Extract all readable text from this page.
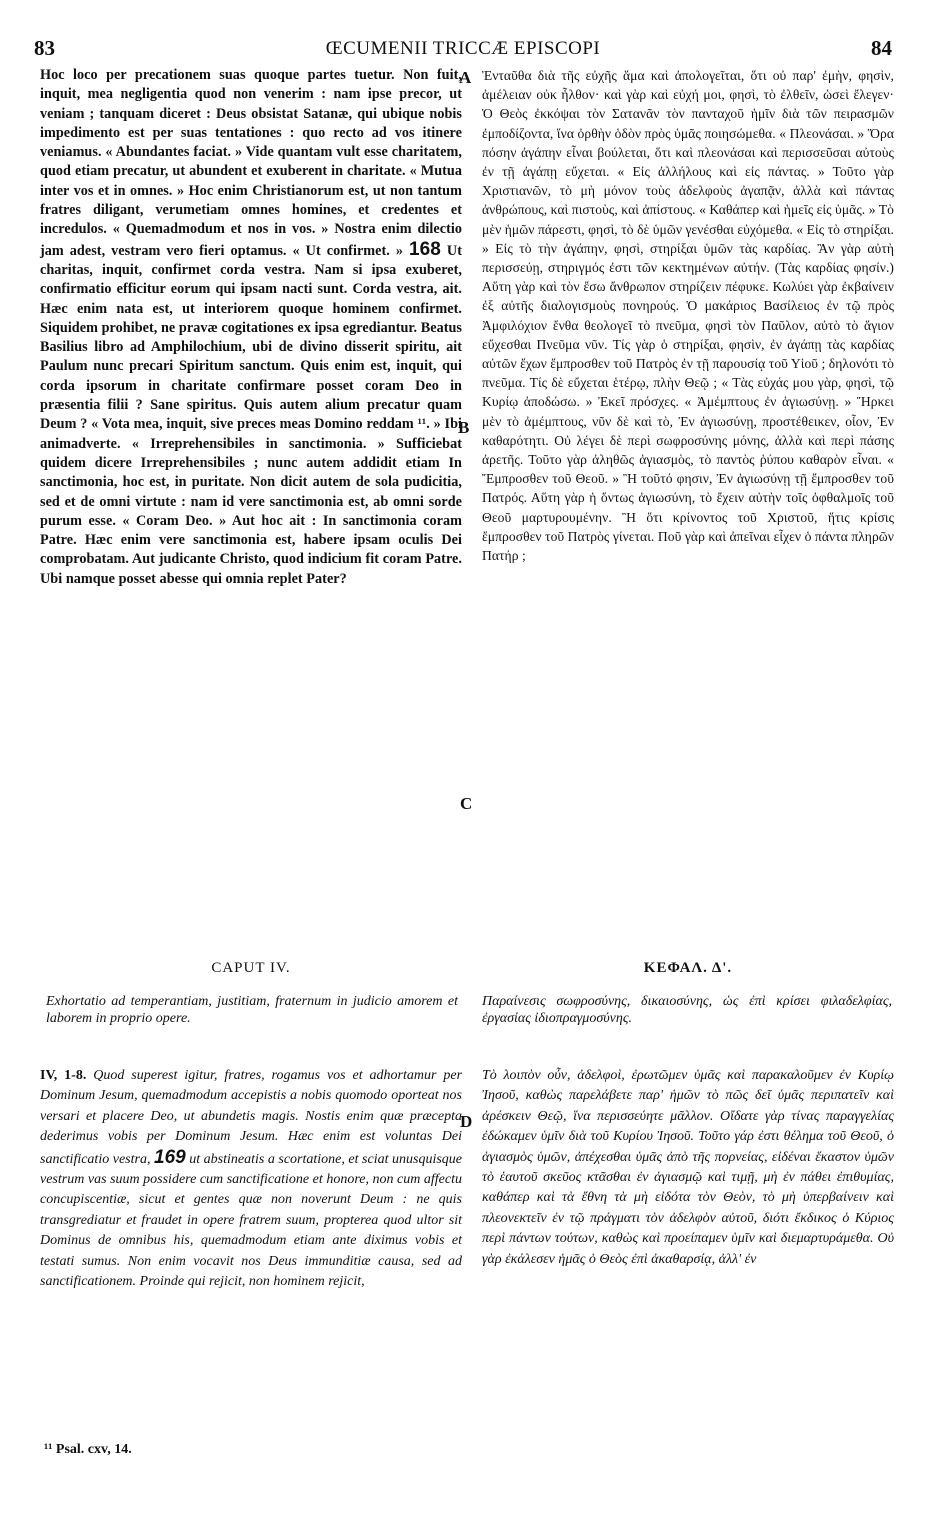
83	ŒCUMENII TRICCÆ EPISCOPI	84
Hoc loco per precationem suas quoque partes tuetur. Non fuit, inquit, mea negligentia quod non venerim : nam ipse precor, ut veniam ; tanquam diceret : Deus obsistat Satanæ, qui ubique nobis impedimento est per suas tentationes : quo recto ad vos itinere veniamus. « Abundantes faciat. » Vide quantam vult esse charitatem, quod etiam precatur, ut abundent et exuberent in charitate. « Mutua inter vos et in omnes. » Hoc enim Christianorum est, ut non tantum fratres diligant, verumetiam omnes homines, et credentes et incredulos. « Quemadmodum et nos in vos. » Nostra enim dilectio jam adest, vestram vero fieri optamus. « Ut confirmet. » 168 Ut charitas, inquit, confirmet corda vestra. Nam si ipsa exuberet, confirmatio efficitur eorum qui ipsam nacti sunt. Corda vestra, ait. Hæc enim nata est, ut interiorem quoque hominem confirmet. Siquidem prohibet, ne pravæ cogitationes ex ipsa egrediantur. Beatus Basilius libro ad Amphilochium, ubi de divino disserit spiritu, ait Paulum nunc precari Spiritum sanctum. Quis enim est, inquit, qui corda ipsorum in charitate confirmare posset coram Deo in præsentia filii ? Sane spiritus. Quis autem alium precatur quam Deum ? « Vota mea, inquit, sive preces meas Domino reddam ¹¹. » Ibi animadverte. « Irreprehensibiles in sanctimonia. » Sufficiebat quidem dicere Irreprehensibiles ; nunc autem addidit etiam In sanctimonia, hoc est, in puritate. Non dicit autem de sola pudicitia, sed et de omni virtute : nam id vere sanctimonia est, ab omni sorde purum esse. « Coram Deo. » Aut hoc ait : In sanctimonia coram Patre. Hæc enim vere sanctimonia est, habere ipsam oculis Dei comprobatam. Aut judicante Christo, quod indicium fit coram Patre. Ubi namque posset abesse qui omnia replet Pater?
A
B
C
D
Ἐνταῦθα διὰ τῆς εὐχῆς ἅμα καὶ ἀπολογεῖται, ὅτι οὐ παρ' ἐμὴν, φησὶν, ἀμέλειαν οὐκ ἦλθον· καὶ γὰρ καὶ εὐχή μοι, φησὶ, τὸ ἐλθεῖν, ὡσεὶ ἔλεγεν· Ὁ Θεὸς ἐκκόψαι τὸν Σατανᾶν τὸν πανταχοῦ ἡμῖν διὰ τῶν πειρασμῶν ἐμποδίζοντα, ἵνα ὀρθὴν ὁδὸν πρὸς ὑμᾶς ποιησώμεθα. « Πλεονάσαι. » Ὅρα πόσην ἀγάπην εἶναι βούλεται, ὅτι καὶ πλεονάσαι καὶ περισσεῦσαι αὐτοὺς ἐν τῇ ἀγάπῃ εὔχεται. « Εἰς ἀλλήλους καὶ εἰς πάντας. » Τοῦτο γὰρ Χριστιανῶν, τὸ μὴ μόνον τοὺς ἀδελφοὺς ἀγαπᾷν, ἀλλὰ καὶ πάντας ἀνθρώπους, καὶ πιστοὺς, καὶ ἀπίστους. « Καθάπερ καὶ ἡμεῖς εἰς ὑμᾶς. » Τὸ μὲν ἡμῶν πάρεστι, φησὶ, τὸ δὲ ὑμῶν γενέσθαι εὐχόμεθα. « Εἰς τὸ στηρίξαι. » Εἰς τὸ τὴν ἀγάπην, φησὶ, στηρίξαι ὑμῶν τὰς καρδίας. Ἂν γὰρ αὐτὴ περισσεύῃ, στηριγμός ἐστι τῶν κεκτημένων αὐτήν. (Τὰς καρδίας φησίν.) Αὕτη γὰρ καὶ τὸν ἔσω ἄνθρωπον στηρίζειν πέφυκε. Κωλύει γὰρ ἐκβαίνειν ἐξ αὐτῆς διαλογισμοὺς πονηρούς. Ὁ μακάριος Βασίλειος ἐν τῷ πρὸς Ἀμφιλόχιον ἔνθα θεολογεῖ τὸ πνεῦμα, φησὶ τὸν Παῦλον, αὐτὸ τὸ ἅγιον εὔχεσθαι Πνεῦμα νῦν. Τίς γὰρ ὁ στηρίξαι, φησὶν, ἐν ἀγάπῃ τὰς καρδίας αὐτῶν ἔχων ἔμπροσθεν τοῦ Πατρὸς ἐν τῇ παρουσίᾳ τοῦ Υἱοῦ ; δηλονότι τὸ πνεῦμα. Τίς δὲ εὔχεται ἑτέρῳ, πλὴν Θεῷ ; « Τὰς εὐχάς μου γὰρ, φησὶ, τῷ Κυρίῳ ἀποδώσω. » Ἐκεῖ πρόσχες. « Ἀμέμπτους ἐν ἁγιωσύνῃ. » Ἤρκει μὲν τὸ ἀμέμπτους, νῦν δὲ καὶ τὸ, Ἐν ἁγιωσύνῃ, προστέθεικεν, οἷον, Ἐν καθαρότητι. Οὐ λέγει δὲ περὶ σωφροσύνης μόνης, ἀλλὰ καὶ περὶ πάσης ἀρετῆς. Τοῦτο γὰρ ἀληθῶς ἁγιασμὸς, τὸ παντὸς ῥύπου καθαρὸν εἶναι. « Ἔμπροσθεν τοῦ Θεοῦ. » Ἢ τοῦτό φησιν, Ἐν ἁγιωσύνῃ τῇ ἔμπροσθεν τοῦ Πατρός. Αὕτη γὰρ ἡ ὄντως ἁγιωσύνη, τὸ ἔχειν αὐτὴν τοῖς ὀφθαλμοῖς τοῦ Θεοῦ μαρτυρουμένην. Ἢ ὅτι κρίνοντος τοῦ Χριστοῦ, ἥτις κρίσις ἔμπροσθεν τοῦ Πατρὸς γίνεται. Ποῦ γὰρ καὶ ἀπεῖναι εἶχεν ὁ πάντα πληρῶν Πατήρ ;
CAPUT IV.	ΚΕΦΑΛ. Δ'.
Exhortatio ad temperantiam, justitiam, fraternum in judicio amorem et laborem in proprio opere.
Παραίνεσις σωφροσύνης, δικαιοσύνης, ὡς ἐπὶ κρίσει φιλαδελφίας, ἐργασίας ἰδιοπραγμοσύνης.
IV, 1-8. Quod superest igitur, fratres, rogamus vos et adhortamur per Dominum Jesum, quemadmodum accepistis a nobis quomodo oporteat nos versari et placere Deo, ut abundetis magis. Nostis enim quæ præcepta dederimus vobis per Dominum Jesum. Hæc enim est voluntas Dei sanctificatio vestra, 169 ut abstineatis a scortatione, et sciat unusquisque vestrum vas suum possidere cum sanctificatione et honore, non cum affectu concupiscentiæ, sicut et gentes quæ non noverunt Deum : ne quis transgrediatur et fraudet in opere fratrem suum, propterea quod ultor sit Dominus de omnibus his, quemadmodum etiam ante diximus vobis et testati sumus. Non enim vocavit nos Deus immunditiæ causa, sed ad sanctificationem. Proinde qui rejicit, non hominem rejicit,
Τὸ λοιπὸν οὖν, ἀδελφοὶ, ἐρωτῶμεν ὑμᾶς καὶ παρακαλοῦμεν ἐν Κυρίῳ Ἰησοῦ, καθὼς παρελάβετε παρ' ἡμῶν τὸ πῶς δεῖ ὑμᾶς περιπατεῖν καὶ ἀρέσκειν Θεῷ, ἵνα περισσεύητε μᾶλλον. Οἴδατε γὰρ τίνας παραγγελίας ἐδώκαμεν ὑμῖν διὰ τοῦ Κυρίου Ἰησοῦ. Τοῦτο γάρ ἐστι θέλημα τοῦ Θεοῦ, ὁ ἁγιασμὸς ὑμῶν, ἀπέχεσθαι ὑμᾶς ἀπὸ τῆς πορνείας, εἰδέναι ἕκαστον ὑμῶν τὸ ἑαυτοῦ σκεῦος κτᾶσθαι ἐν ἁγιασμῷ καὶ τιμῇ, μὴ ἐν πάθει ἐπιθυμίας, καθάπερ καὶ τὰ ἔθνη τὰ μὴ εἰδότα τὸν Θεὸν, τὸ μὴ ὑπερβαίνειν καὶ πλεονεκτεῖν ἐν τῷ πράγματι τὸν ἀδελφὸν αὐτοῦ, διότι ἔκδικος ὁ Κύριος περὶ πάντων τούτων, καθὼς καὶ προείπαμεν ὑμῖν καὶ διεμαρτυράμεθα. Οὐ γὰρ ἐκάλεσεν ἡμᾶς ὁ Θεὸς ἐπὶ ἀκαθαρσίᾳ, ἀλλ' ἐν
¹¹ Psal. cxv, 14.
